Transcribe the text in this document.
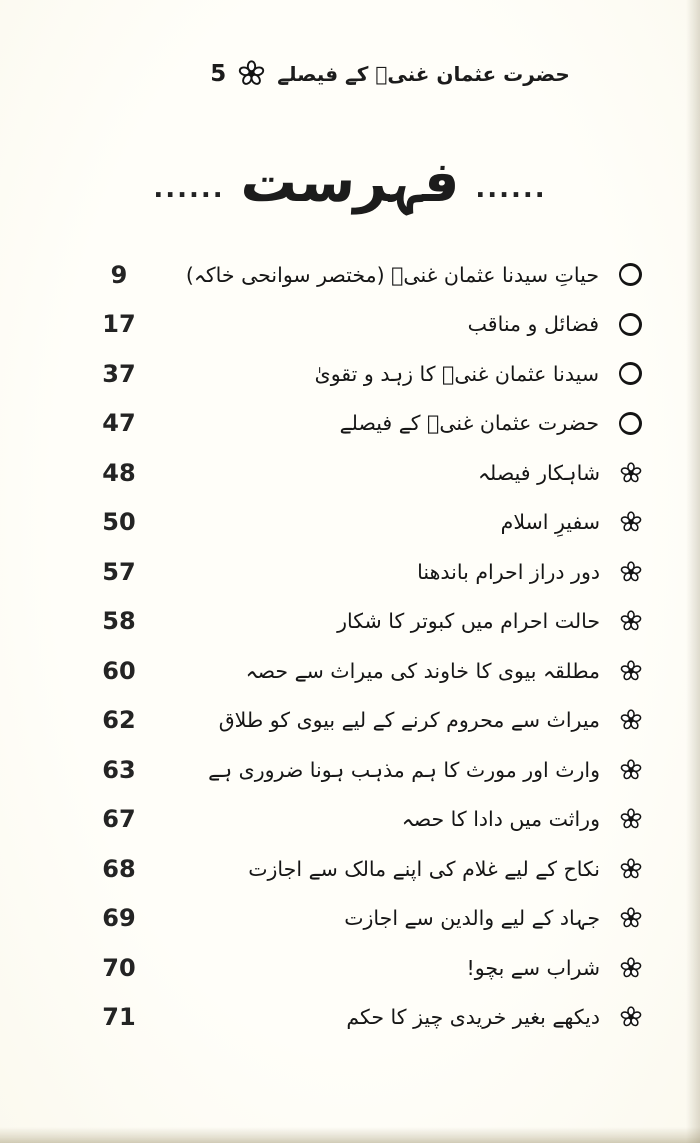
حضرت عثمان غنیؓ کے فیصلے
5
......
فہرست
......
9	حیاتِ سیدنا عثمان غنیؓ (مختصر سوانحی خاکہ)
17	فضائل و مناقب
37	سیدنا عثمان غنیؓ کا زہد و تقویٰ
47	حضرت عثمان غنیؓ کے فیصلے
48	شاہکار فیصلہ
50	سفیرِ اسلام
57	دور دراز احرام باندھنا
58	حالت احرام میں کبوتر کا شکار
60	مطلقہ بیوی کا خاوند کی میراث سے حصہ
62	میراث سے محروم کرنے کے لیے بیوی کو طلاق
63	وارث اور مورث کا ہم مذہب ہونا ضروری ہے
67	وراثت میں دادا کا حصہ
68	نکاح کے لیے غلام کی اپنے مالک سے اجازت
69	جہاد کے لیے والدین سے اجازت
70	شراب سے بچو!
71	دیکھے بغیر خریدی چیز کا حکم
